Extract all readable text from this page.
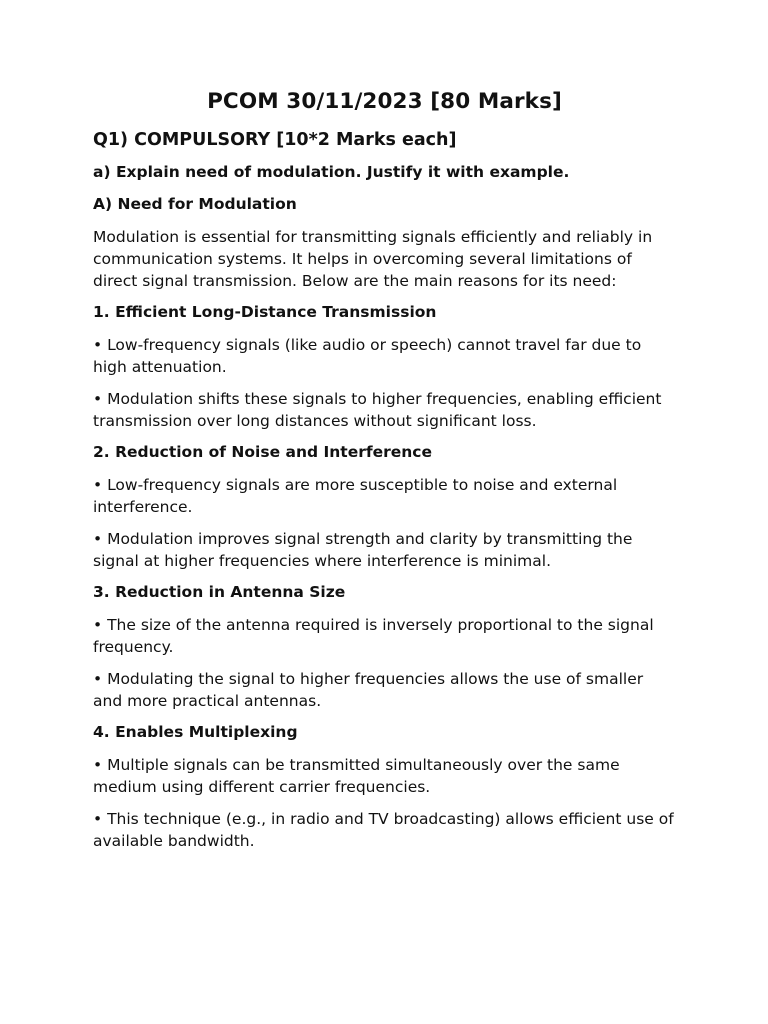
PCOM 30/11/2023 [80 Marks]
Q1) COMPULSORY [10*2 Marks each]
a) Explain need of modulation. Justify it with example.
A) Need for Modulation
Modulation is essential for transmitting signals efficiently and reliably in communication systems. It helps in overcoming several limitations of direct signal transmission. Below are the main reasons for its need:
1. Efficient Long-Distance Transmission
• Low-frequency signals (like audio or speech) cannot travel far due to high attenuation.
• Modulation shifts these signals to higher frequencies, enabling efficient transmission over long distances without significant loss.
2. Reduction of Noise and Interference
• Low-frequency signals are more susceptible to noise and external interference.
• Modulation improves signal strength and clarity by transmitting the signal at higher frequencies where interference is minimal.
3. Reduction in Antenna Size
• The size of the antenna required is inversely proportional to the signal frequency.
• Modulating the signal to higher frequencies allows the use of smaller and more practical antennas.
4. Enables Multiplexing
• Multiple signals can be transmitted simultaneously over the same medium using different carrier frequencies.
• This technique (e.g., in radio and TV broadcasting) allows efficient use of available bandwidth.
